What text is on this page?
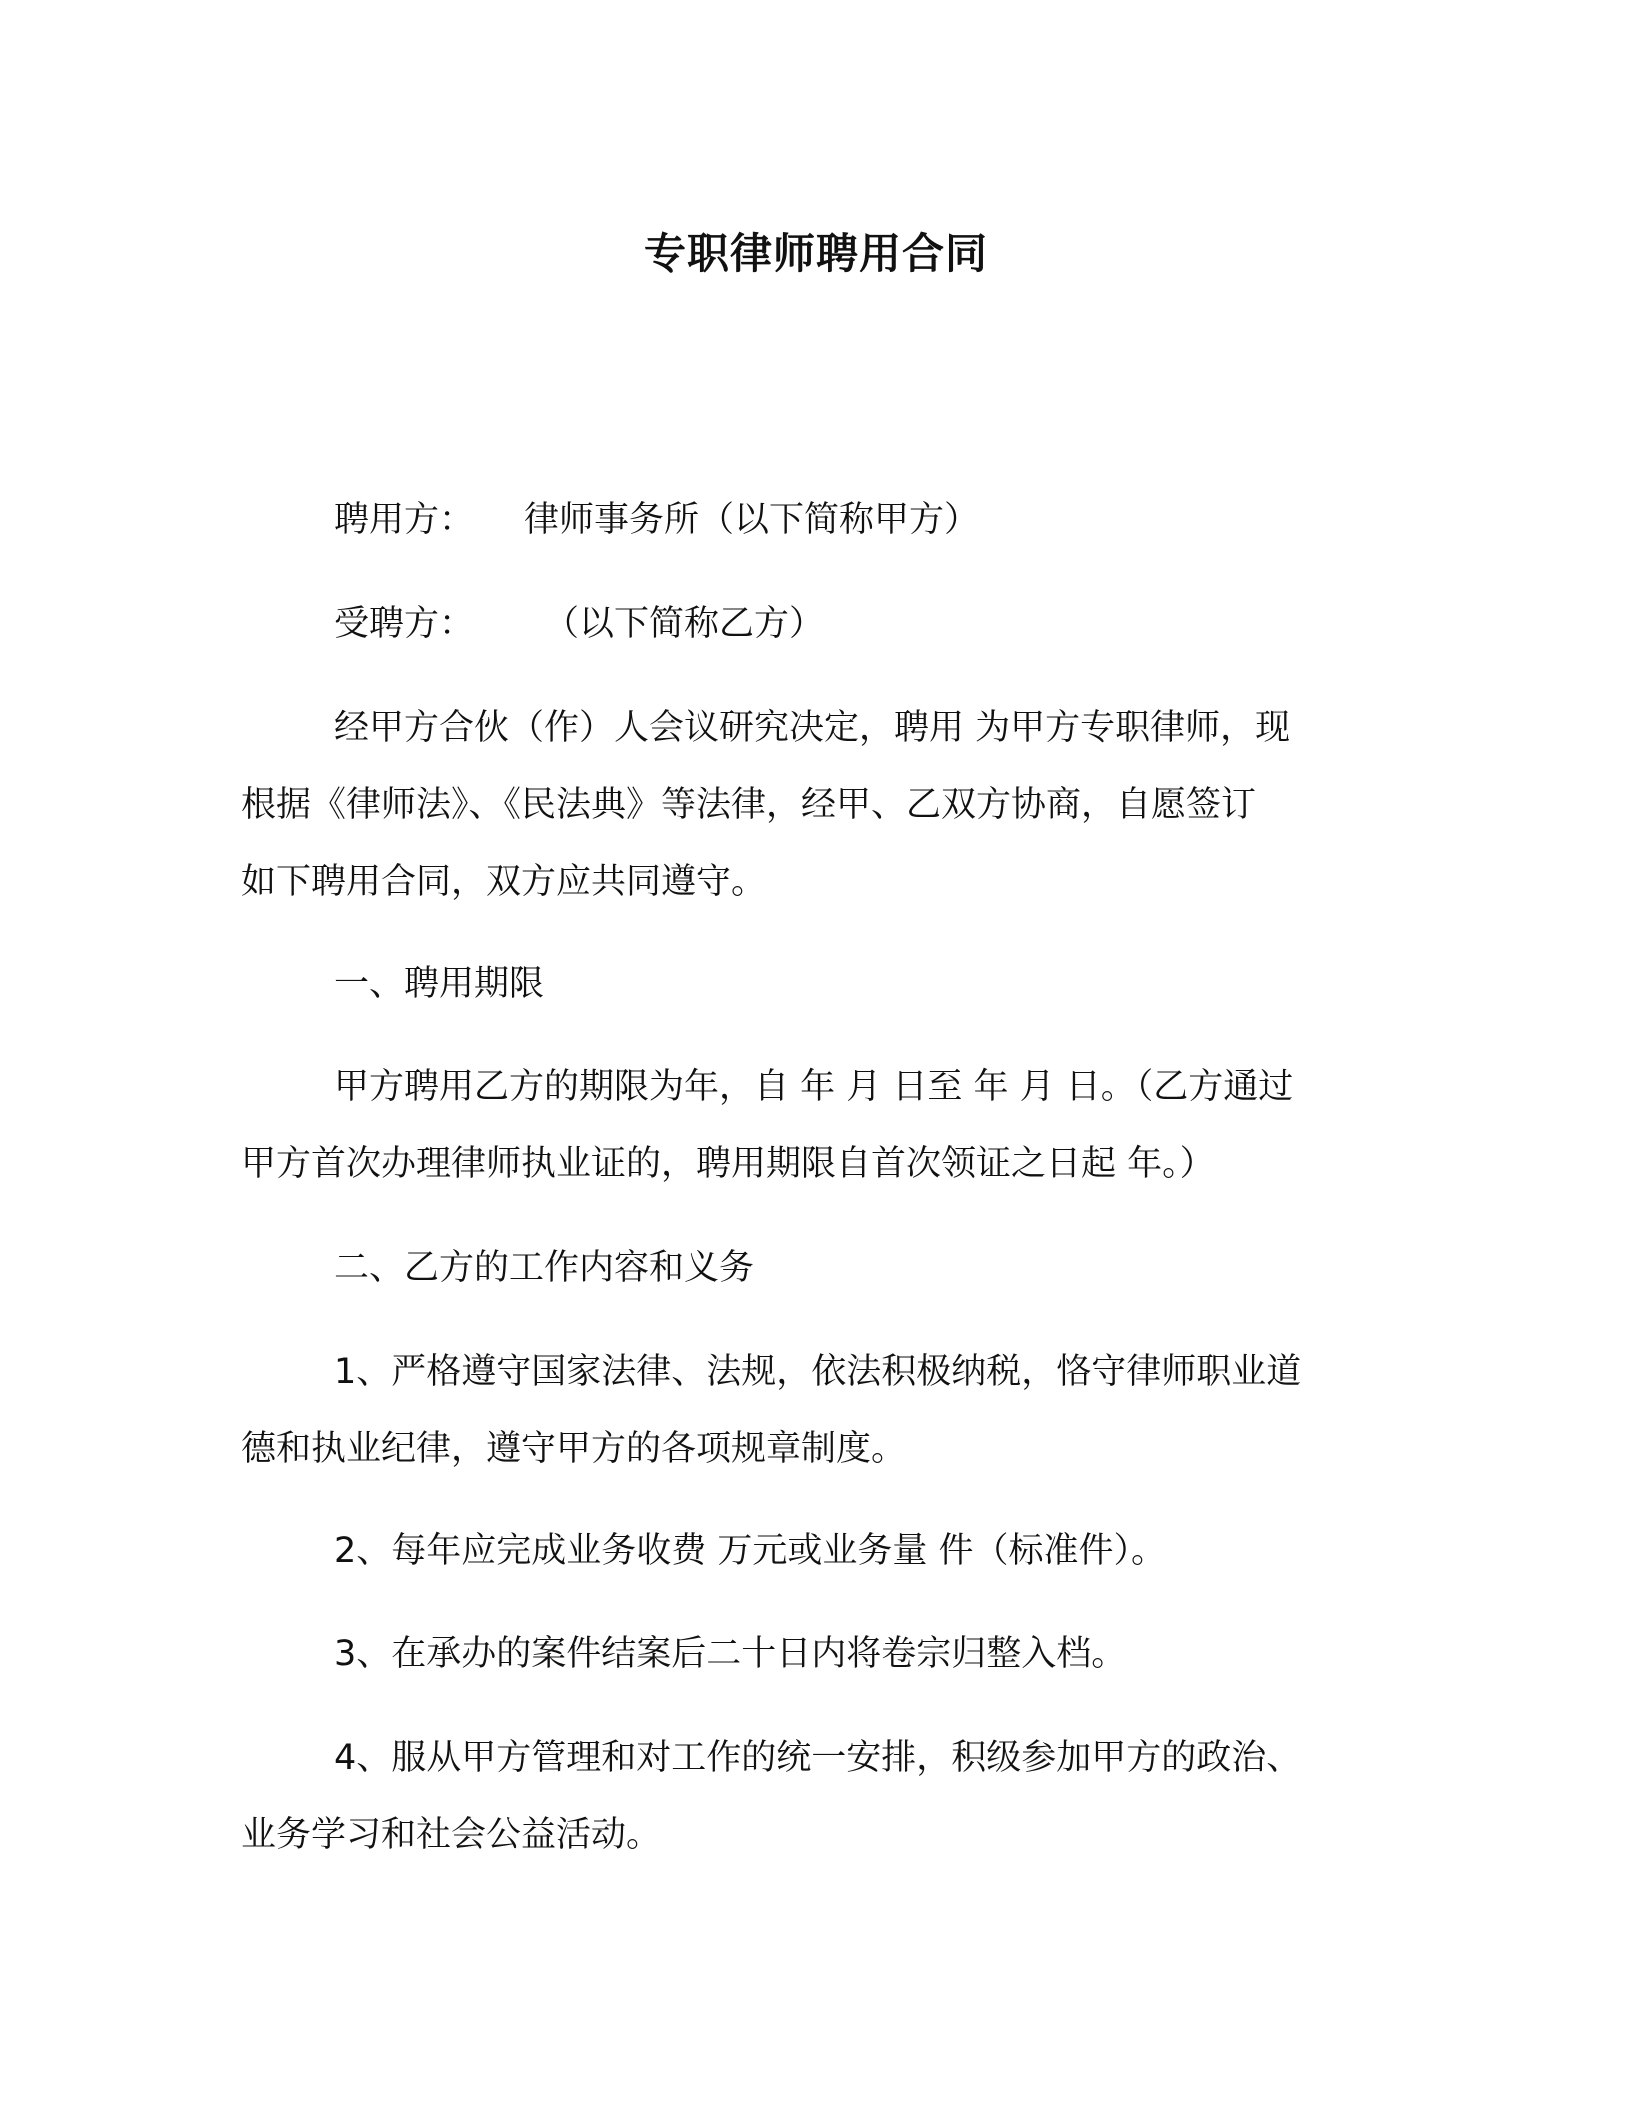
专职律师聘用合同
聘用方： 律师事务所（以下简称甲方）
受聘方： （以下简称乙方）
经甲方合伙（作）人会议研究决定，聘用 为甲方专职律师，现
根据《律师法》、《民法典》等法律，经甲、乙双方协商，自愿签订
如下聘用合同，双方应共同遵守。
一、聘用期限
甲方聘用乙方的期限为年，自 年 月 日至 年 月 日。（乙方通过
甲方首次办理律师执业证的，聘用期限自首次领证之日起 年。）
二、乙方的工作内容和义务
1、严格遵守国家法律、法规，依法积极纳税，恪守律师职业道
德和执业纪律，遵守甲方的各项规章制度。
2、每年应完成业务收费 万元或业务量 件（标准件）。
3、在承办的案件结案后二十日内将卷宗归整入档。
4、服从甲方管理和对工作的统一安排，积级参加甲方的政治、
业务学习和社会公益活动。
